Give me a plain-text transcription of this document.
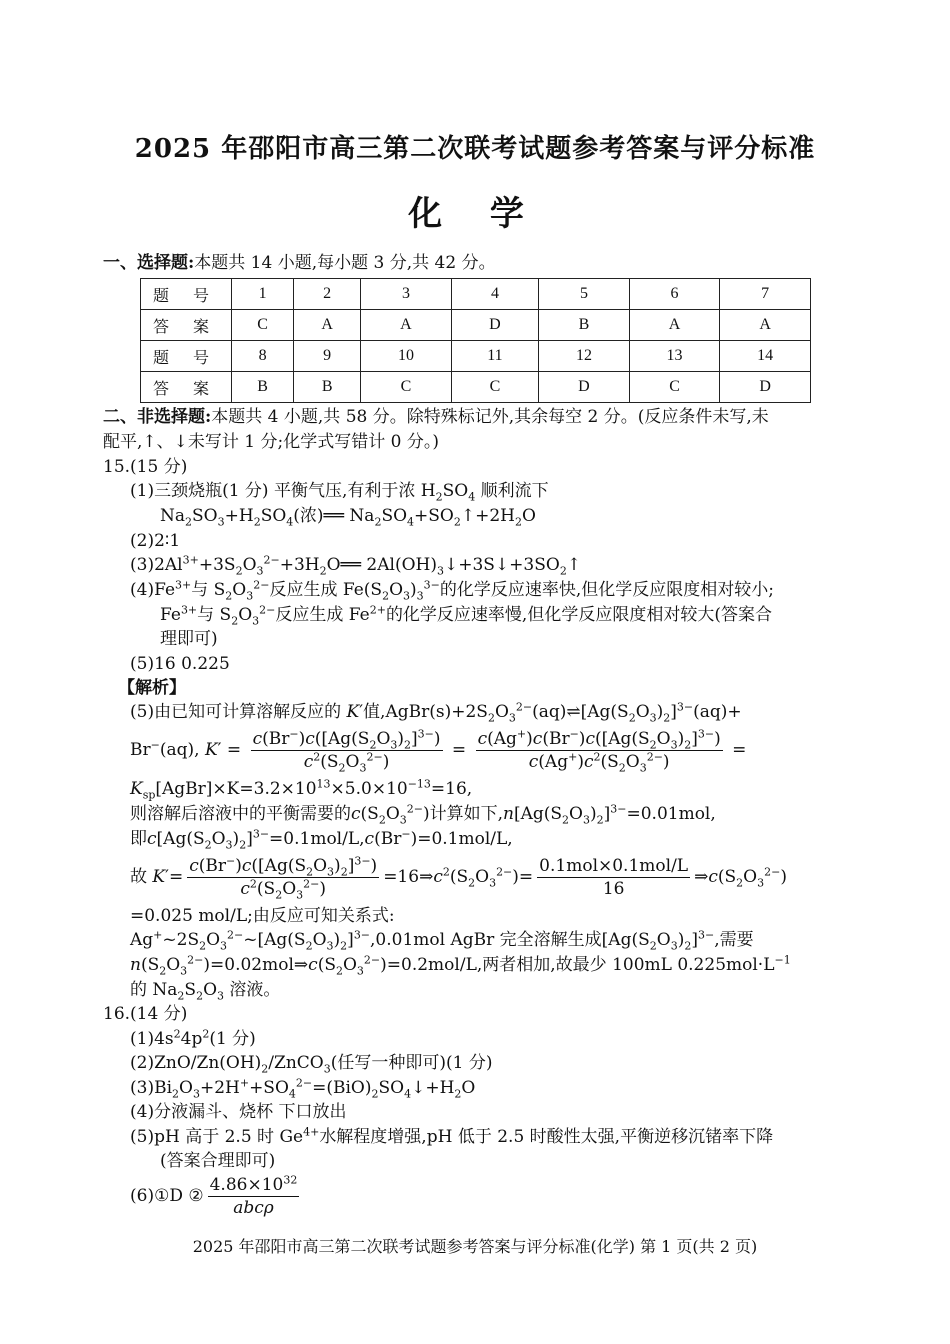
2025 年邵阳市高三第二次联考试题参考答案与评分标准
化 学
一、选择题:本题共 14 小题,每小题 3 分,共 42 分。
题 号	1	2	3	4	5	6	7
答 案	C	A	A	D	B	A	A
题 号	8	9	10	11	12	13	14
答 案	B	B	C	C	D	C	D
二、非选择题:本题共 4 小题,共 58 分。除特殊标记外,其余每空 2 分。(反应条件未写,未
配平,↑、↓未写计 1 分;化学式写错计 0 分。)
15.(15 分)
(1)三颈烧瓶(1 分) 平衡气压,有利于浓 $H_2SO_4$ 顺利流下
$Na_2SO_3+H_2SO_4$(浓)══ $Na_2SO_4+SO_2↑+2H_2O$
(2)2∶1
$(3)2Al^{3+}+3S_2O_3^{2-}+3H_2O══$ $2Al(OH)_3↓+3S↓+3SO_2↑$
$(4)Fe^{3+}$与 $S_2O_3^{2-}$反应生成 $Fe(S_2O_3)_3^{3-}$的化学反应速率快,但化学反应限度相对较小;
$Fe^{3+}$与 $S_2O_3^{2-}$反应生成 $Fe^{2+}$的化学反应速率慢,但化学反应限度相对较大(答案合
理即可)
(5)16 0.225
【解析】
(5)由已知可计算溶解反应的 K′值$,AgBr(s)+2S_2O_3^{2-}(aq)\rightleftharpoons[Ag(S_2O_3)_2]^{3-}(aq)+$
Br−(aq), $K' = \frac{c(Br^-)c([Ag(S_2O_3)_2]^{3-})}{c^2(S_2O_3^{2-})} = \frac{c(Ag^+)c(Br^-)c([Ag(S_2O_3)_2]^{3-})}{c(Ag^+)c^2(S_2O_3^{2-})}$ =
$K_{sp}[AgBr]\times K=3.2\times 10^{13}\times 5.0\times 10^{-13}=16$,
则溶解后溶液中的平衡需要的$c(S_2O_3^{2-})$计算如下$,n[Ag(S_2O_3)_2]^{3-}=0.01mol$,
即$c[Ag(S_2O_3)_2]^{3-}=0.1mol/L,c(Br^-)=0.1mol/L$,
故 $K'= \frac{c(Br^-)c([Ag(S_2O_3)_2]^{3-})}{c^2(S_2O_3^{2-})}$ $=16\Rightarrow c^2(S_2O_3^{2-})= \frac{\text{0.1mol×0.1mol/L}}{16}$ $\Rightarrow c(S_2O_3^{2-})$
=0.025 mol/L;由反应可知关系式:
$Ag^+\sim 2S_2O_3^{2-}\sim[Ag(S_2O_3)_2]^{3-},0.01mol$ AgBr 完全溶解生成$[Ag(S_2O_3)_2]^{3-}$,需要
$n(S_2O_3^{2-})=0.02mol\Rightarrow c(S_2O_3^{2-})=0.2mol/L$,两者相加,故最少 100mL $0.225mol\cdot L^{-1}$
的 $Na_2S_2O_3$ 溶液。
16.(14 分)
$(1)4s^24p^2(1$ 分)
$(2)ZnO/Zn(OH)_2/ZnCO_3$(任写一种即可)(1 分)
$(3)Bi_2O_3+2H^++SO_4^{2-}=(BiO)_2SO_4↓+H_2O$
(4)分液漏斗、烧杯 下口放出
(5)pH 高于 2.5 时 $Ge^{4+}$水解程度增强,pH 低于 2.5 时酸性太强,平衡逆移沉锗率下降
(答案合理即可)
(6)①D ② $\frac{4.86\times 10^{32}}{\text{abcρ}}$
2025 年邵阳市高三第二次联考试题参考答案与评分标准(化学) 第 1 页(共 2 页)
